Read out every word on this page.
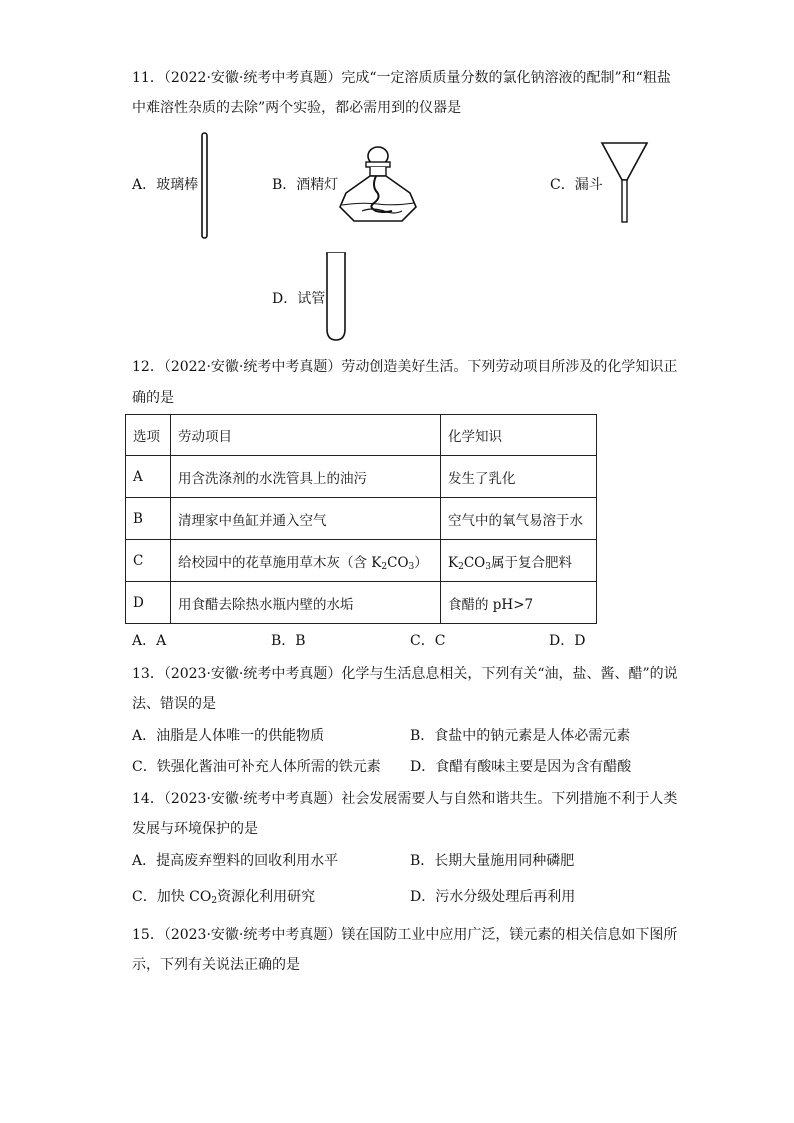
11．（2022·安徽·统考中考真题）完成“一定溶质质量分数的氯化钠溶液的配制”和“粗盐
中难溶性杂质的去除”两个实验，都必需用到的仪器是
A．玻璃棒	B．酒精灯	C．漏斗
D．试管
12．（2022·安徽·统考中考真题）劳动创造美好生活。下列劳动项目所涉及的化学知识正
确的是
选项	劳动项目	化学知识
A	用含洗涤剂的水洗管具上的油污	发生了乳化
B	清理家中鱼缸并通入空气	空气中的氧气易溶于水
C	给校园中的花草施用草木灰（含 $K_2CO_3$）	$K_2CO_3$属于复合肥料
D	用食醋去除热水瓶内壁的水垢	食醋的 pH>7
A．A	B．B	C．C	D．D
13．（2023·安徽·统考中考真题）化学与生活息息相关，下列有关“油，盐、酱、醋”的说
法、错误的是
A．油脂是人体唯一的供能物质	B．食盐中的钠元素是人体必需元素
C．铁强化酱油可补充人体所需的铁元素 D．食醋有酸味主要是因为含有醋酸
14．（2023·安徽·统考中考真题）社会发展需要人与自然和谐共生。下列措施不利于人类
发展与环境保护的是
A．提高废弃塑料的回收利用水平	B．长期大量施用同种磷肥
C．加快 $CO_2$资源化利用研究	D．污水分级处理后再利用
15．（2023·安徽·统考中考真题）镁在国防工业中应用广泛，镁元素的相关信息如下图所
示，下列有关说法正确的是
